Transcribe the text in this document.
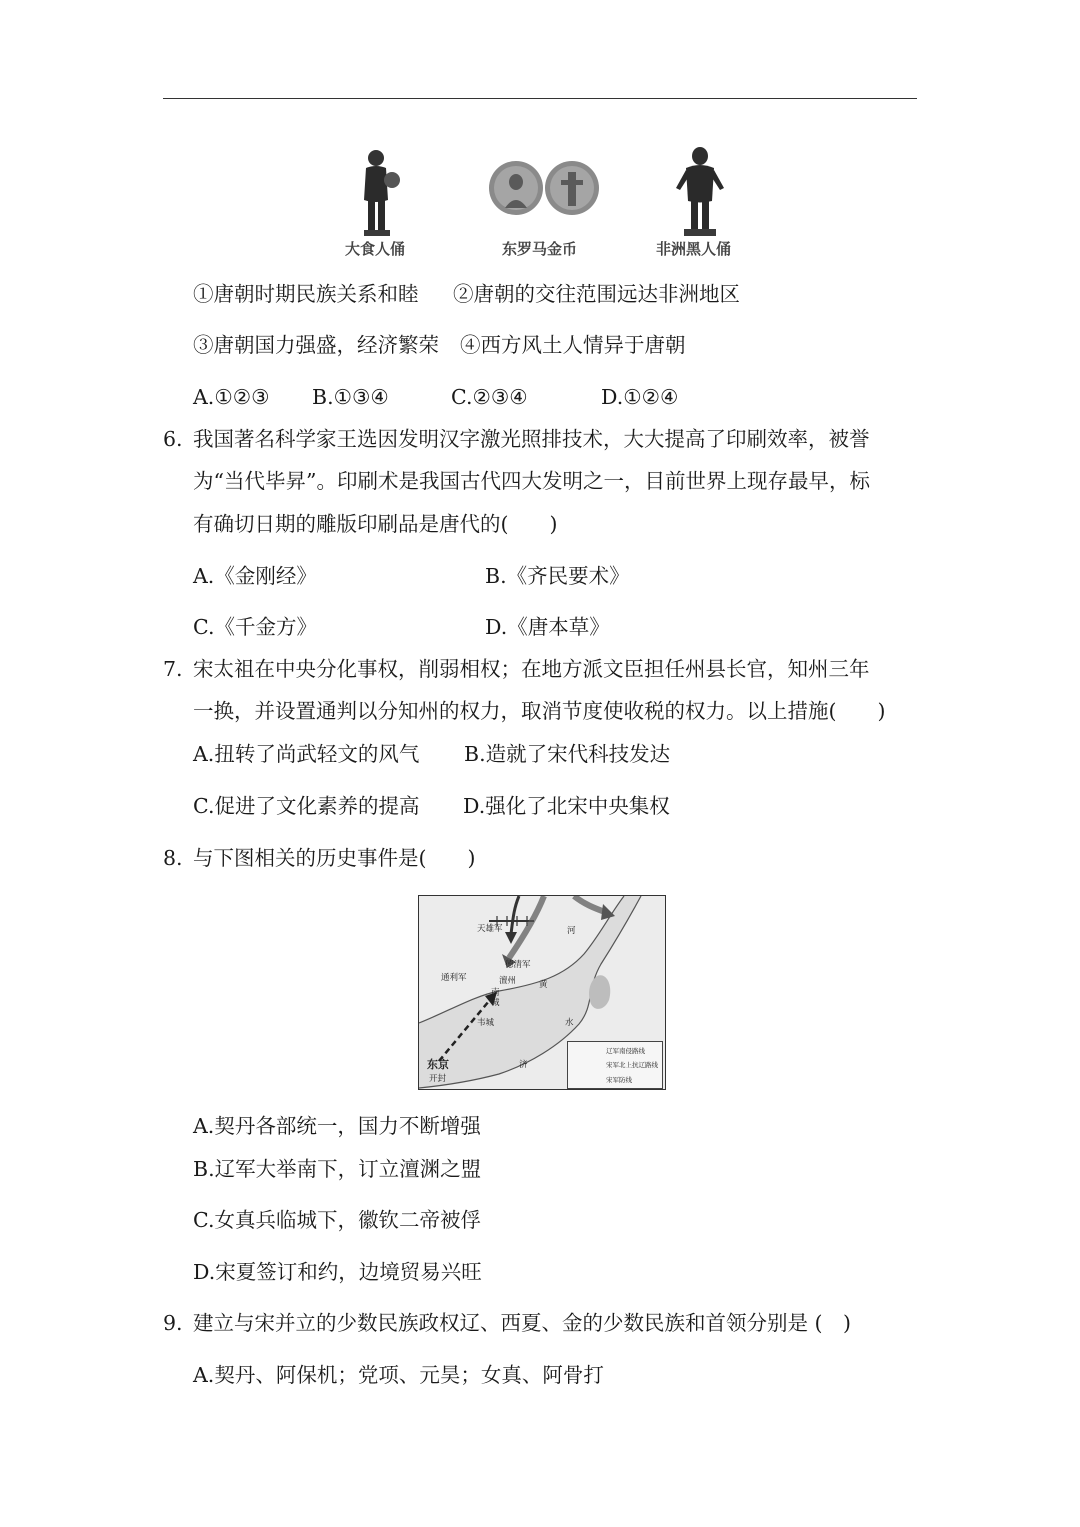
大食人俑	东罗马金币	非洲黑人俑
①唐朝时期民族关系和睦 ②唐朝的交往范围远达非洲地区
③唐朝国力强盛，经济繁荣 ④西方风土人情异于唐朝
A.①②③ B.①③④	C.②③④	D.①②④
6. 我国著名科学家王选因发明汉字激光照排技术，大大提高了印刷效率，被誉
为“当代毕昇”。印刷术是我国古代四大发明之一，目前世界上现存最早，标
有确切日期的雕版印刷品是唐代的(　　)
A.《金刚经》	B.《齐民要术》
C.《千金方》	D.《唐本草》
7. 宋太祖在中央分化事权，削弱相权；在地方派文臣担任州县长官，知州三年
一换，并设置通判以分知州的权力，取消节度使收税的权力。以上措施(　　)
A.扭转了尚武轻文的风气 B.造就了宋代科技发达
C.促进了文化素养的提高 D.强化了北宋中央集权
8. 与下图相关的历史事件是(　　)
天雄军
德清军
通利军	澶州
南城
韦城
东京
开封
河
黄
水
济
辽军南侵路线
宋军北上抗辽路线
宋军防线
A.契丹各部统一，国力不断增强
B.辽军大举南下，订立澶渊之盟
C.女真兵临城下，徽钦二帝被俘
D.宋夏签订和约，边境贸易兴旺
9. 建立与宋并立的少数民族政权辽、西夏、金的少数民族和首领分别是 (　)
A.契丹、阿保机；党项、元昊；女真、阿骨打
